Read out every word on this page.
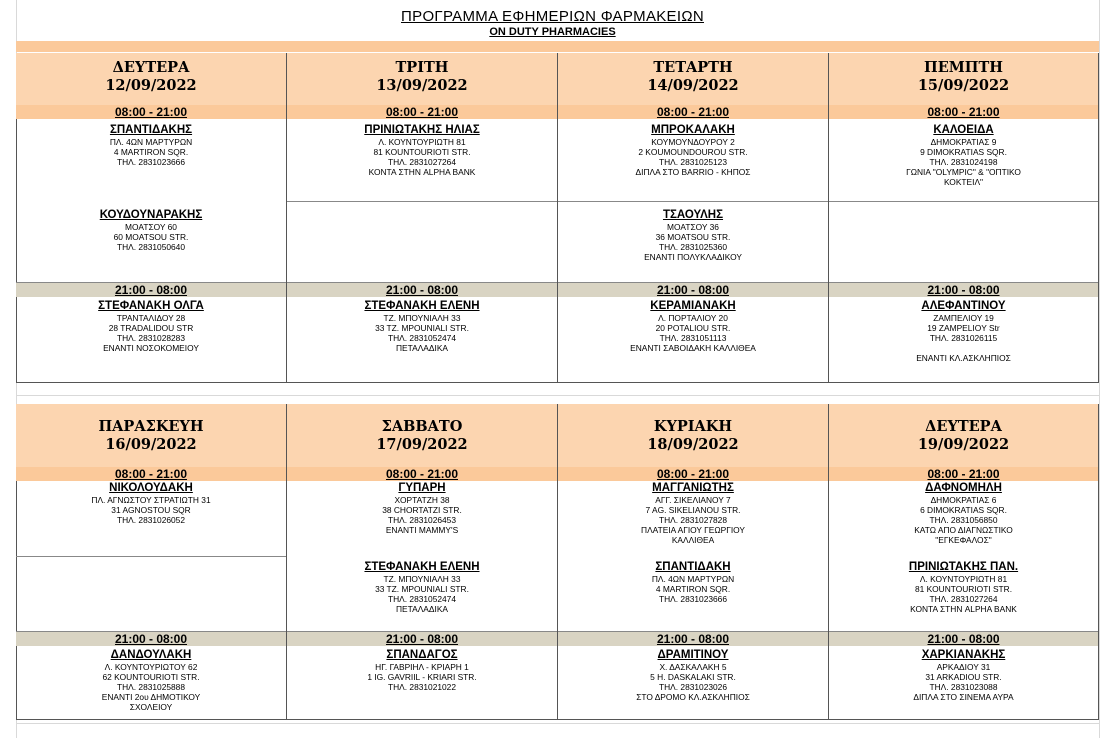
ΠΡΟΓΡΑΜΜΑ ΕΦΗΜΕΡΙΩΝ ΦΑΡΜΑΚΕΙΩΝ
ON DUTY PHARMACIES
ΔΕΥΤΕΡΑ
12/09/2022
08:00 - 21:00
ΣΠΑΝΤΙΔΑΚΗΣ
ΠΛ. 4ΩΝ ΜΑΡΤΥΡΩΝ
4 MARTIRON SQR.
ΤΗΛ. 2831023666
ΚΟΥΔΟΥΝΑΡΑΚΗΣ
ΜΟΑΤΣΟΥ 60
60 MOATSOU STR.
ΤΗΛ. 2831050640
21:00 - 08:00
ΣΤΕΦΑΝΑΚΗ ΟΛΓΑ
ΤΡΑΝΤΑΛΙΔΟΥ 28
28 TRADALIDOU STR
ΤΗΛ. 2831028283
ΕΝΑΝΤΙ ΝΟΣΟΚΟΜΕΙΟΥ
ΤΡΙΤΗ
13/09/2022
08:00 - 21:00
ΠΡΙΝΙΩΤΑΚΗΣ ΗΛΙΑΣ
Λ. ΚΟΥΝΤΟΥΡΙΩΤΗ 81
81 KOUNTOURIOTI STR.
ΤΗΛ. 2831027264
ΚΟΝΤΑ ΣΤΗΝ ALPHA BANK
21:00 - 08:00
ΣΤΕΦΑΝΑΚΗ ΕΛΕΝΗ
ΤΖ. ΜΠΟΥΝΙΑΛΗ 33
33 TZ. MPOUNIALI STR.
ΤΗΛ. 2831052474
ΠΕΤΑΛΑΔΙΚΑ
ΤΕΤΑΡΤΗ
14/09/2022
08:00 - 21:00
ΜΠΡΟΚΑΛΑΚΗ
ΚΟΥΜΟΥΝΔΟΥΡΟΥ 2
2 KOUMOUNDOUROU STR.
ΤΗΛ. 2831025123
ΔΙΠΛΑ ΣΤΟ BARRIO - ΚΗΠΟΣ
ΤΣΑΟΥΛΗΣ
ΜΟΑΤΣΟΥ 36
36 MOATSOU STR.
ΤΗΛ. 2831025360
ΕΝΑΝΤΙ ΠΟΛΥΚΛΑΔΙΚΟΥ
21:00 - 08:00
ΚΕΡΑΜΙΑΝΑΚΗ
Λ. ΠΟΡΤΑΛΙΟΥ 20
20 POTALIOU STR.
ΤΗΛ. 2831051113
ΕΝΑΝΤΙ ΣΑΒΟΙΔΑΚΗ ΚΑΛΛΙΘΕΑ
ΠΕΜΠΤΗ
15/09/2022
08:00 - 21:00
ΚΑΛΟΕΙΔΑ
ΔΗΜΟΚΡΑΤΙΑΣ 9
9 DIMOKRATIAS SQR.
ΤΗΛ. 2831024198
ΓΩΝΙΑ "OLYMPIC" & "ΟΠΤΙΚΟ
ΚΟΚΤΕΙΛ"
21:00 - 08:00
ΑΛΕΦΑΝΤΙΝΟΥ
ΖΑΜΠΕΛΙΟΥ 19
19 ZAMPELIOY Str
ΤΗΛ. 2831026115

ΕΝΑΝΤΙ ΚΛ.ΑΣΚΛΗΠΙΟΣ
ΠΑΡΑΣΚΕΥΗ
16/09/2022
08:00 - 21:00
ΝΙΚΟΛΟΥΔΑΚΗ
ΠΛ. ΑΓΝΩΣΤΟΥ ΣΤΡΑΤΙΩΤΗ 31
31 AGNOSTOU SQR
ΤΗΛ. 2831026052
21:00 - 08:00
ΔΑΝΔΟΥΛΑΚΗ
Λ. ΚΟΥΝΤΟΥΡΙΩΤΟΥ 62
62 KOUNTOURIOTI STR.
ΤΗΛ. 2831025888
ΕΝΑΝΤΙ 2ου ΔΗΜΟΤΙΚΟΥ
ΣΧΟΛΕΙΟΥ
ΣΑΒΒΑΤΟ
17/09/2022
08:00 - 21:00
ΓΥΠΑΡΗ
ΧΟΡΤΑΤΖΗ 38
38 CHORTATZI STR.
ΤΗΛ. 2831026453
ΕΝΑΝΤΙ MAMMY'S
ΣΤΕΦΑΝΑΚΗ ΕΛΕΝΗ
ΤΖ. ΜΠΟΥΝΙΑΛΗ 33
33 TZ. MPOUNIALI STR.
ΤΗΛ. 2831052474
ΠΕΤΑΛΑΔΙΚΑ
21:00 - 08:00
ΣΠΑΝΔΑΓΟΣ
ΗΓ. ΓΑΒΡΙΗΛ - ΚΡΙΑΡΗ 1
1 IG. GAVRIIL - KRIARI STR.
ΤΗΛ. 2831021022
ΚΥΡΙΑΚΗ
18/09/2022
08:00 - 21:00
ΜΑΓΓΑΝΙΩΤΗΣ
ΑΓΓ. ΣΙΚΕΛΙΑΝΟΥ 7
7 AG. SIKELIANOU STR.
ΤΗΛ. 2831027828
ΠΛΑΤΕΙΑ ΑΓΙΟΥ ΓΕΩΡΓΙΟΥ
ΚΑΛΛΙΘΕΑ
ΣΠΑΝΤΙΔΑΚΗ
ΠΛ. 4ΩΝ ΜΑΡΤΥΡΩΝ
4 MARTIRON SQR.
ΤΗΛ. 2831023666
21:00 - 08:00
ΔΡΑΜΙΤΙΝΟΥ
Χ. ΔΑΣΚΑΛΑΚΗ 5
5 H. DASKALAKI STR.
ΤΗΛ. 2831023026
ΣΤΟ ΔΡΟΜΟ ΚΛ.ΑΣΚΛΗΠΙΟΣ
ΔΕΥΤΕΡΑ
19/09/2022
08:00 - 21:00
ΔΑΦΝΟΜΗΛΗ
ΔΗΜΟΚΡΑΤΙΑΣ 6
6 DIMOKRATIAS SQR.
ΤΗΛ. 2831056850
ΚΑΤΩ ΑΠΟ ΔΙΑΓΝΩΣΤΙΚΟ
"ΕΓΚΕΦΑΛΟΣ"
ΠΡΙΝΙΩΤΑΚΗΣ ΠΑΝ.
Λ. ΚΟΥΝΤΟΥΡΙΩΤΗ 81
81 KOUNTOURIOTI STR.
ΤΗΛ. 2831027264
ΚΟΝΤΑ ΣΤΗΝ ALPHA BANK
21:00 - 08:00
ΧΑΡΚΙΑΝΑΚΗΣ
ΑΡΚΑΔΙΟΥ 31
31 ARKADIOU STR.
ΤΗΛ. 2831023088
ΔΙΠΛΑ ΣΤΟ ΣΙΝΕΜΑ ΑΥΡΑ
